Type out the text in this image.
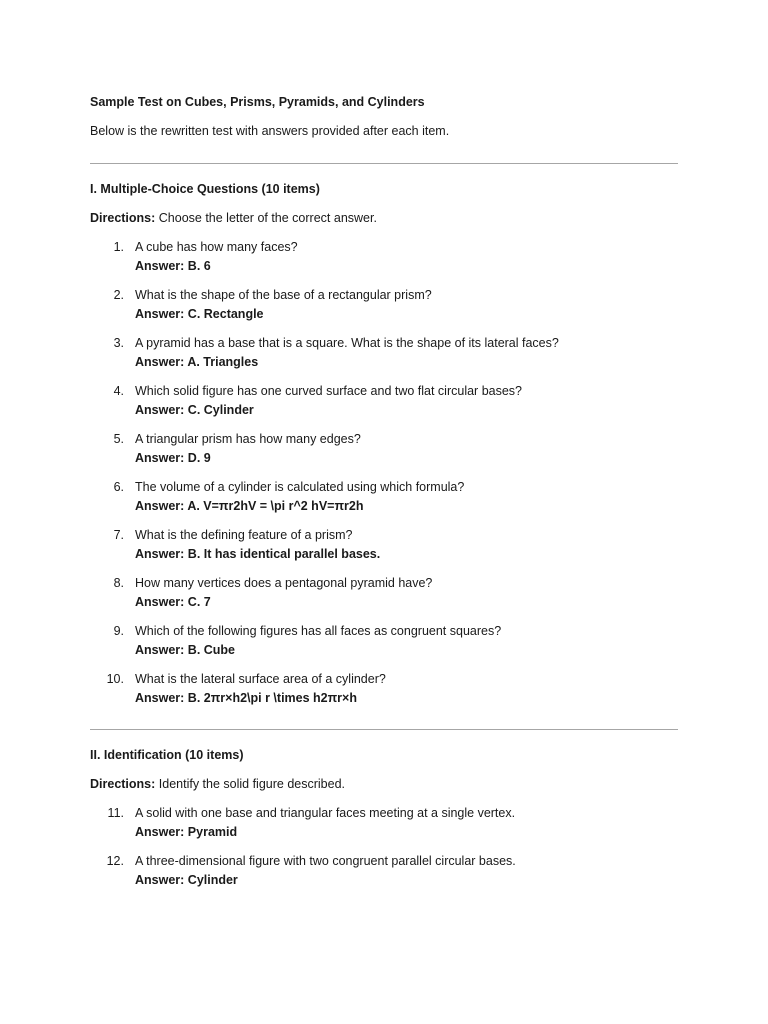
Sample Test on Cubes, Prisms, Pyramids, and Cylinders
Below is the rewritten test with answers provided after each item.
I. Multiple-Choice Questions (10 items)
Directions: Choose the letter of the correct answer.
1. A cube has how many faces?
Answer: B. 6
2. What is the shape of the base of a rectangular prism?
Answer: C. Rectangle
3. A pyramid has a base that is a square. What is the shape of its lateral faces?
Answer: A. Triangles
4. Which solid figure has one curved surface and two flat circular bases?
Answer: C. Cylinder
5. A triangular prism has how many edges?
Answer: D. 9
6. The volume of a cylinder is calculated using which formula?
Answer: A. V=πr2hV = \pi r^2 hV=πr2h
7. What is the defining feature of a prism?
Answer: B. It has identical parallel bases.
8. How many vertices does a pentagonal pyramid have?
Answer: C. 7
9. Which of the following figures has all faces as congruent squares?
Answer: B. Cube
10. What is the lateral surface area of a cylinder?
Answer: B. 2πr×h2\pi r \times h2πr×h
II. Identification (10 items)
Directions: Identify the solid figure described.
11. A solid with one base and triangular faces meeting at a single vertex.
Answer: Pyramid
12. A three-dimensional figure with two congruent parallel circular bases.
Answer: Cylinder
